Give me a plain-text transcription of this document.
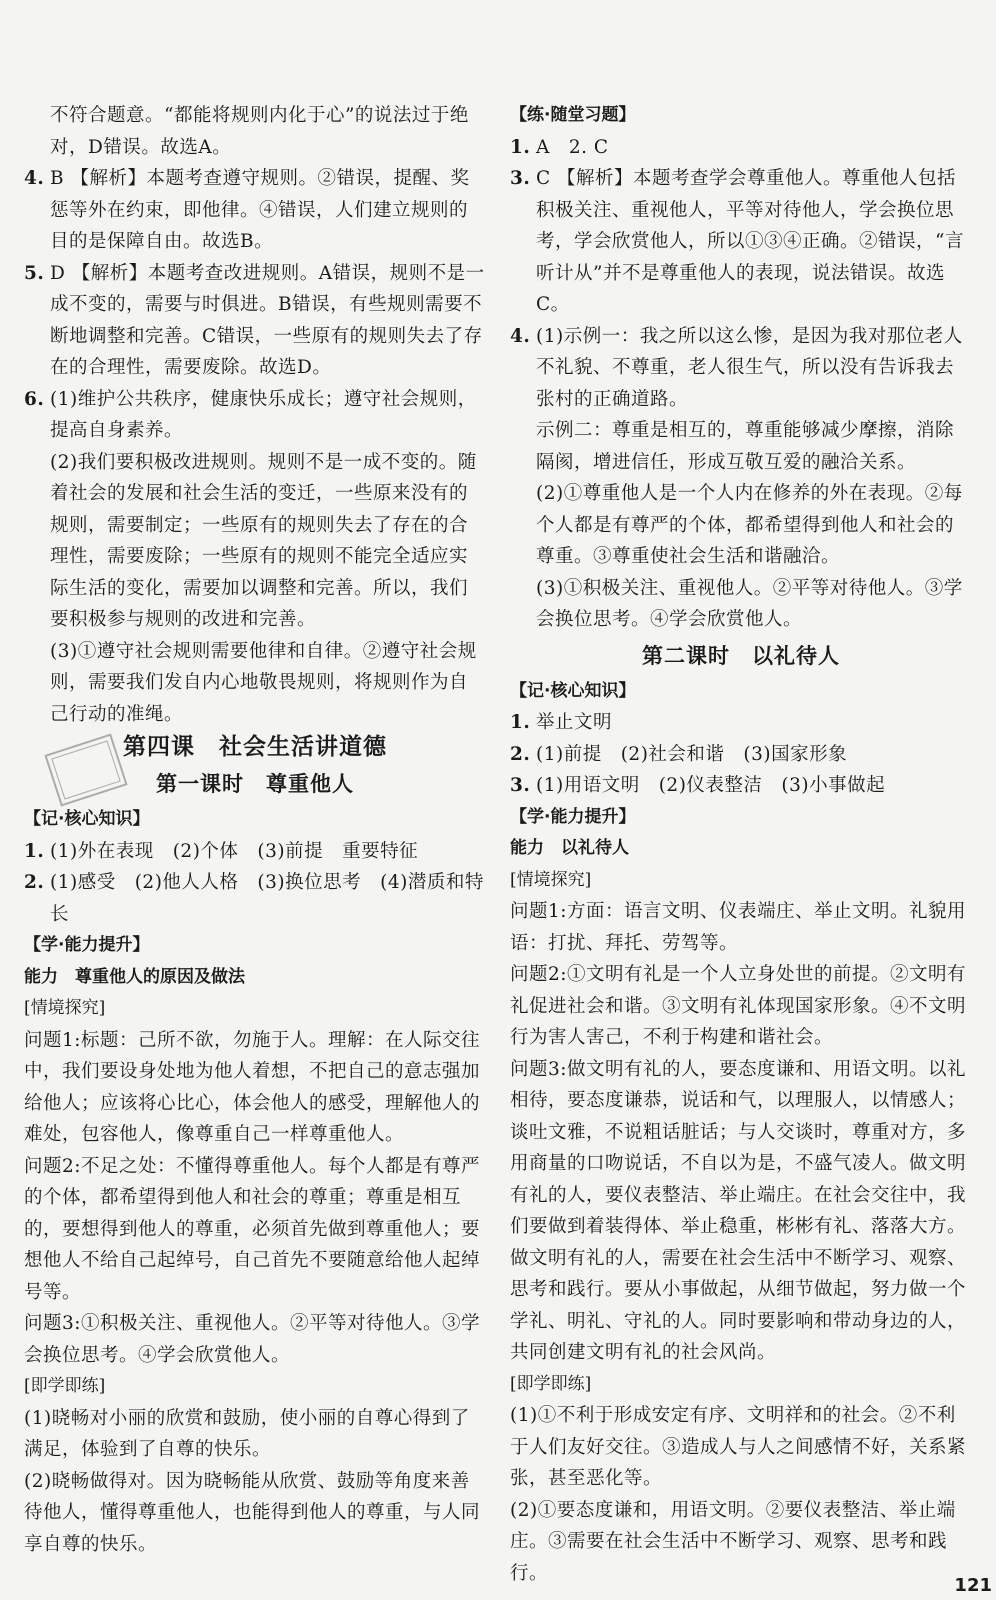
不符合题意。“都能将规则内化于心”的说法过于绝对，D错误。故选A。

4. B 【解析】本题考查遵守规则。②错误，提醒、奖惩等外在约束，即他律。④错误，人们建立规则的目的是保障自由。故选B。

5. D 【解析】本题考查改进规则。A错误，规则不是一成不变的，需要与时俱进。B错误，有些规则需要不断地调整和完善。C错误，一些原有的规则失去了存在的合理性，需要废除。故选D。

6. (1)维护公共秩序，健康快乐成长；遵守社会规则，提高自身素养。

(2)我们要积极改进规则。规则不是一成不变的。随着社会的发展和社会生活的变迁，一些原来没有的规则，需要制定；一些原有的规则失去了存在的合理性，需要废除；一些原有的规则不能完全适应实际生活的变化，需要加以调整和完善。所以，我们要积极参与规则的改进和完善。

(3)①遵守社会规则需要他律和自律。②遵守社会规则，需要我们发自内心地敬畏规则，将规则作为自己行动的准绳。

第四课　社会生活讲道德

第一课时　尊重他人

【记·核心知识】

1. (1)外在表现　(2)个体　(3)前提　重要特征

2. (1)感受　(2)他人人格　(3)换位思考　(4)潜质和特长

【学·能力提升】

能力　尊重他人的原因及做法

[情境探究]

问题1:标题：己所不欲，勿施于人。理解：在人际交往中，我们要设身处地为他人着想，不把自己的意志强加给他人；应该将心比心，体会他人的感受，理解他人的难处，包容他人，像尊重自己一样尊重他人。

问题2:不足之处：不懂得尊重他人。每个人都是有尊严的个体，都希望得到他人和社会的尊重；尊重是相互的，要想得到他人的尊重，必须首先做到尊重他人；要想他人不给自己起绰号，自己首先不要随意给他人起绰号等。

问题3:①积极关注、重视他人。②平等对待他人。③学会换位思考。④学会欣赏他人。

[即学即练]

(1)晓畅对小丽的欣赏和鼓励，使小丽的自尊心得到了满足，体验到了自尊的快乐。

(2)晓畅做得对。因为晓畅能从欣赏、鼓励等角度来善待他人，懂得尊重他人，也能得到他人的尊重，与人同享自尊的快乐。

【练·随堂习题】

1. A　2. C

3. C 【解析】本题考查学会尊重他人。尊重他人包括积极关注、重视他人，平等对待他人，学会换位思考，学会欣赏他人，所以①③④正确。②错误，“言听计从”并不是尊重他人的表现，说法错误。故选C。

4. (1)示例一：我之所以这么惨，是因为我对那位老人不礼貌、不尊重，老人很生气，所以没有告诉我去张村的正确道路。

示例二：尊重是相互的，尊重能够减少摩擦，消除隔阂，增进信任，形成互敬互爱的融洽关系。

(2)①尊重他人是一个人内在修养的外在表现。②每个人都是有尊严的个体，都希望得到他人和社会的尊重。③尊重使社会生活和谐融洽。

(3)①积极关注、重视他人。②平等对待他人。③学会换位思考。④学会欣赏他人。

第二课时　以礼待人

【记·核心知识】

1. 举止文明

2. (1)前提　(2)社会和谐　(3)国家形象

3. (1)用语文明　(2)仪表整洁　(3)小事做起

【学·能力提升】

能力　以礼待人

[情境探究]

问题1:方面：语言文明、仪表端庄、举止文明。礼貌用语：打扰、拜托、劳驾等。

问题2:①文明有礼是一个人立身处世的前提。②文明有礼促进社会和谐。③文明有礼体现国家形象。④不文明行为害人害己，不利于构建和谐社会。

问题3:做文明有礼的人，要态度谦和、用语文明。以礼相待，要态度谦恭，说话和气，以理服人，以情感人；谈吐文雅，不说粗话脏话；与人交谈时，尊重对方，多用商量的口吻说话，不自以为是，不盛气凌人。做文明有礼的人，要仪表整洁、举止端庄。在社会交往中，我们要做到着装得体、举止稳重，彬彬有礼、落落大方。做文明有礼的人，需要在社会生活中不断学习、观察、思考和践行。要从小事做起，从细节做起，努力做一个学礼、明礼、守礼的人。同时要影响和带动身边的人，共同创建文明有礼的社会风尚。

[即学即练]

(1)①不利于形成安定有序、文明祥和的社会。②不利于人们友好交往。③造成人与人之间感情不好，关系紧张，甚至恶化等。

(2)①要态度谦和，用语文明。②要仪表整洁、举止端庄。③需要在社会生活中不断学习、观察、思考和践行。

121
